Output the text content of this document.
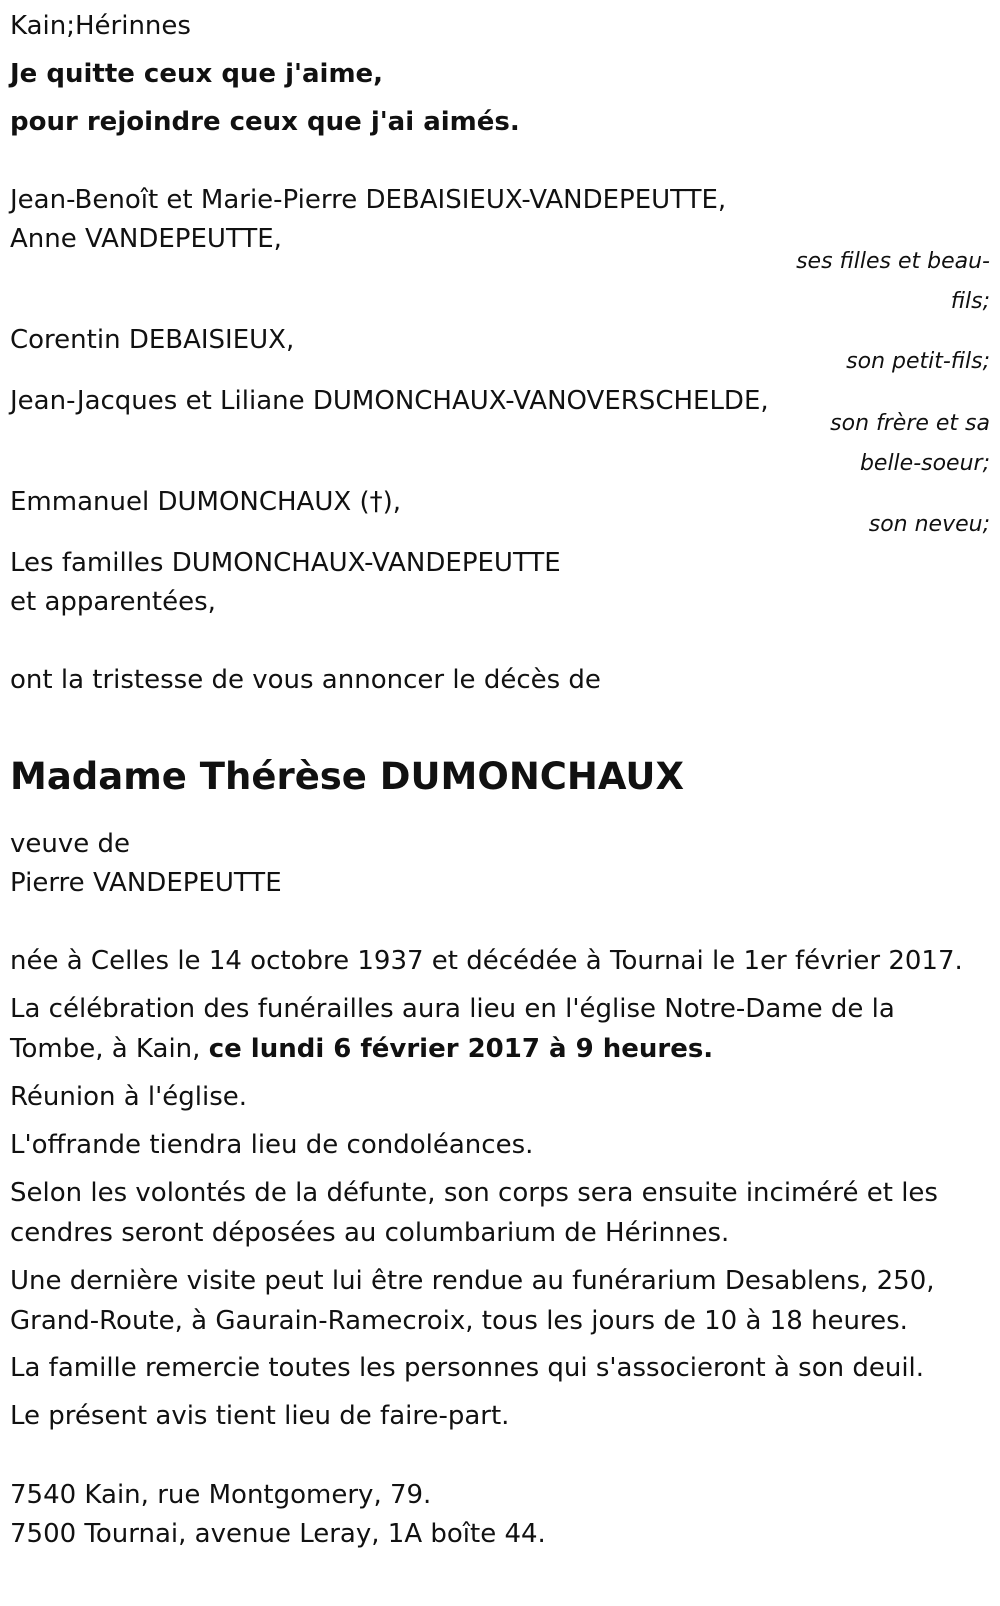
Kain;Hérinnes

Je quitte ceux que j'aime,

pour rejoindre ceux que j'ai aimés.

Jean-Benoît et Marie-Pierre DEBAISIEUX-VANDEPEUTTE,

Anne VANDEPEUTTE,

ses filles et beau-fils;

Corentin DEBAISIEUX,

son petit-fils;

Jean-Jacques et Liliane DUMONCHAUX-VANOVERSCHELDE,

son frère et sa belle-soeur;

Emmanuel DUMONCHAUX (†),

son neveu;

Les familles DUMONCHAUX-VANDEPEUTTE

et apparentées,

ont la tristesse de vous annoncer le décès de

Madame Thérèse DUMONCHAUX

veuve de

Pierre VANDEPEUTTE

née à Celles le 14 octobre 1937 et décédée à Tournai le 1er février 2017.

La célébration des funérailles aura lieu en l'église Notre-Dame de la Tombe, à Kain, ce lundi 6 février 2017 à 9 heures.

Réunion à l'église.

L'offrande tiendra lieu de condoléances.

Selon les volontés de la défunte, son corps sera ensuite inciméré et les cendres seront déposées au columbarium de Hérinnes.

Une dernière visite peut lui être rendue au funérarium Desablens, 250, Grand-Route, à Gaurain-Ramecroix, tous les jours de 10 à 18 heures.

La famille remercie toutes les personnes qui s'associeront à son deuil.

Le présent avis tient lieu de faire-part.

7540 Kain, rue Montgomery, 79.

7500 Tournai, avenue Leray, 1A boîte 44.
